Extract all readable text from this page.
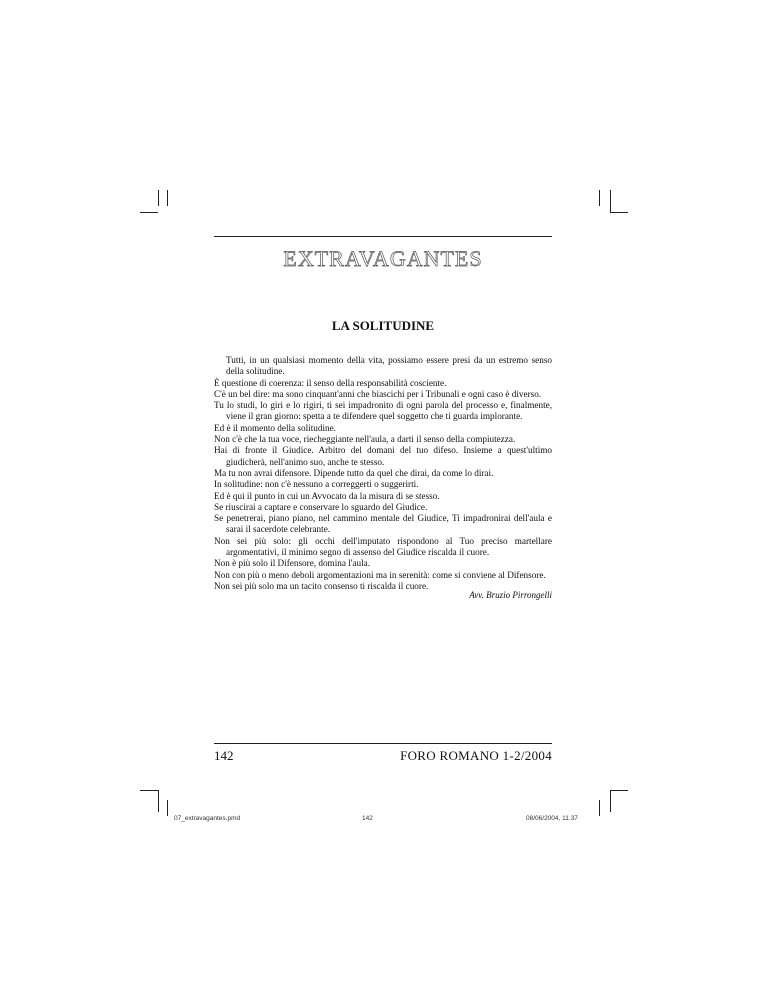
EXTRAVAGANTES
LA SOLITUDINE

Tutti, in un qualsiasi momento della vita, possiamo essere presi da un estremo senso della solitudine.

È questione di coerenza: il senso della responsabilità cosciente.

C'è un bel dire: ma sono cinquant'anni che biascichi per i Tribunali e ogni caso è diverso.

Tu lo studi, lo giri e lo rigiri, ti sei impadronito di ogni parola del processo e, finalmente, viene il gran giorno: spetta a te difendere quel soggetto che ti guarda implorante.

Ed è il momento della solitudine.

Non c'è che la tua voce, riecheggiante nell'aula, a darti il senso della compiutezza.

Hai di fronte il Giudice. Arbitro del domani del tuo difeso. Insieme a quest'ultimo giudicherà, nell'animo suo, anche te stesso.

Ma tu non avrai difensore. Dipende tutto da quel che dirai, da come lo dirai.

In solitudine: non c'è nessuno a correggerti o suggerirti.

Ed è qui il punto in cui un Avvocato da la misura di se stesso.

Se riuscirai a captare e conservare lo sguardo del Giudice.

Se penetrerai, piano piano, nel cammino mentale del Giudice, Ti impadronirai dell'aula e sarai il sacerdote celebrante.

Non sei più solo: gli occhi dell'imputato rispondono al Tuo preciso martellare argomentativi, il minimo segno di assenso del Giudice riscalda il cuore.

Non è più solo il Difensore, domina l'aula.

Non con più o meno deboli argomentazioni ma in serenità: come si conviene al Difensore.

Non sei più solo ma un tacito consenso ti riscalda il cuore.

Avv. Bruzio Pirrongelli
142	FORO ROMANO 1-2/2004
07_extravagantes.pmd	142	08/06/2004, 11.37
